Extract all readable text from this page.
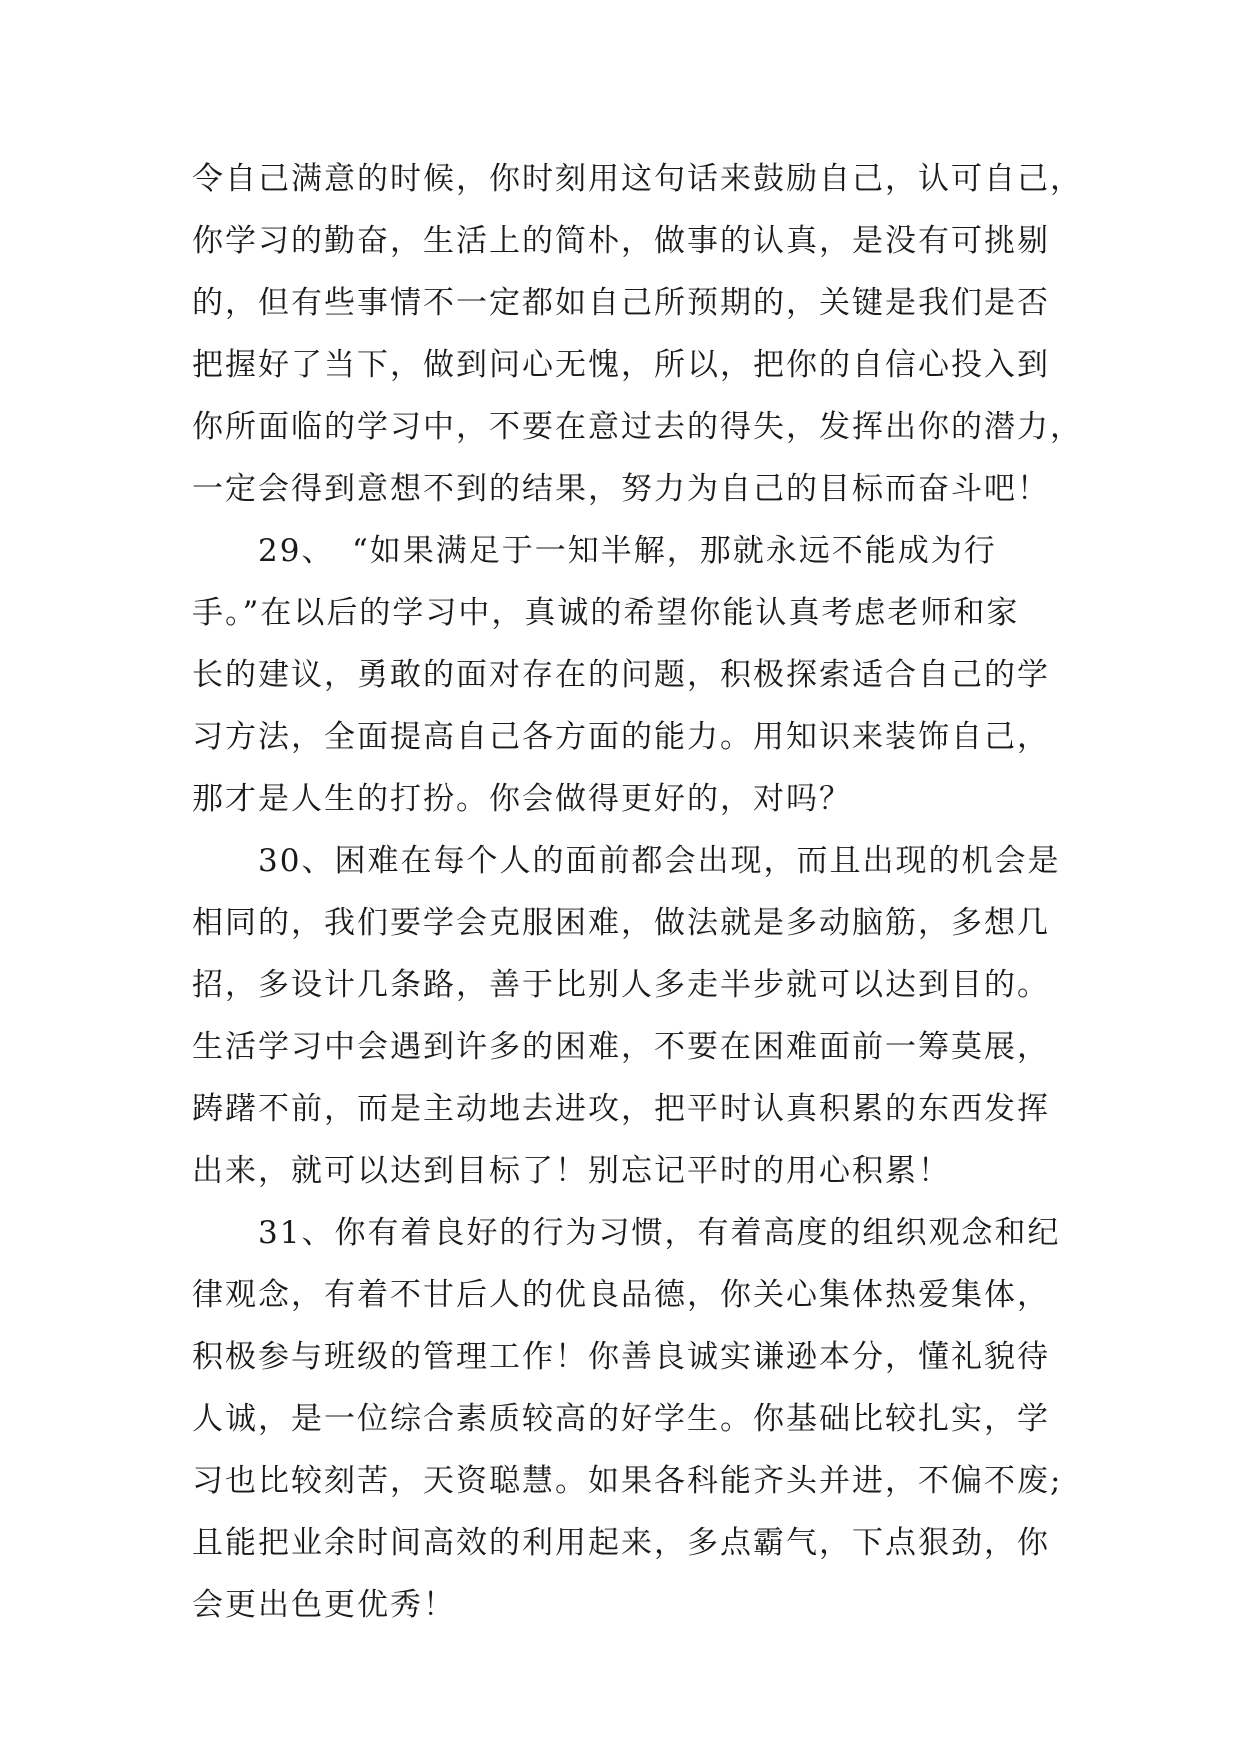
令自己满意的时候，你时刻用这句话来鼓励自己，认可自己，
你学习的勤奋，生活上的简朴，做事的认真，是没有可挑剔
的，但有些事情不一定都如自己所预期的，关键是我们是否
把握好了当下，做到问心无愧，所以，把你的自信心投入到
你所面临的学习中，不要在意过去的得失，发挥出你的潜力，
一定会得到意想不到的结果，努力为自己的目标而奋斗吧！
　　29、　“如果满足于一知半解，那就永远不能成为行
手。”在以后的学习中，真诚的希望你能认真考虑老师和家
长的建议，勇敢的面对存在的问题，积极探索适合自己的学
习方法，全面提高自己各方面的能力。用知识来装饰自己，
那才是人生的打扮。你会做得更好的，对吗？
　　30、困难在每个人的面前都会出现，而且出现的机会是
相同的，我们要学会克服困难，做法就是多动脑筋，多想几
招，多设计几条路，善于比别人多走半步就可以达到目的。
生活学习中会遇到许多的困难，不要在困难面前一筹莫展，
踌躇不前，而是主动地去进攻，把平时认真积累的东西发挥
出来，就可以达到目标了！别忘记平时的用心积累！
　　31、你有着良好的行为习惯，有着高度的组织观念和纪
律观念，有着不甘后人的优良品德，你关心集体热爱集体，
积极参与班级的管理工作！你善良诚实谦逊本分，懂礼貌待
人诚，是一位综合素质较高的好学生。你基础比较扎实，学
习也比较刻苦，天资聪慧。如果各科能齐头并进，不偏不废;
且能把业余时间高效的利用起来，多点霸气，下点狠劲，你
会更出色更优秀！
